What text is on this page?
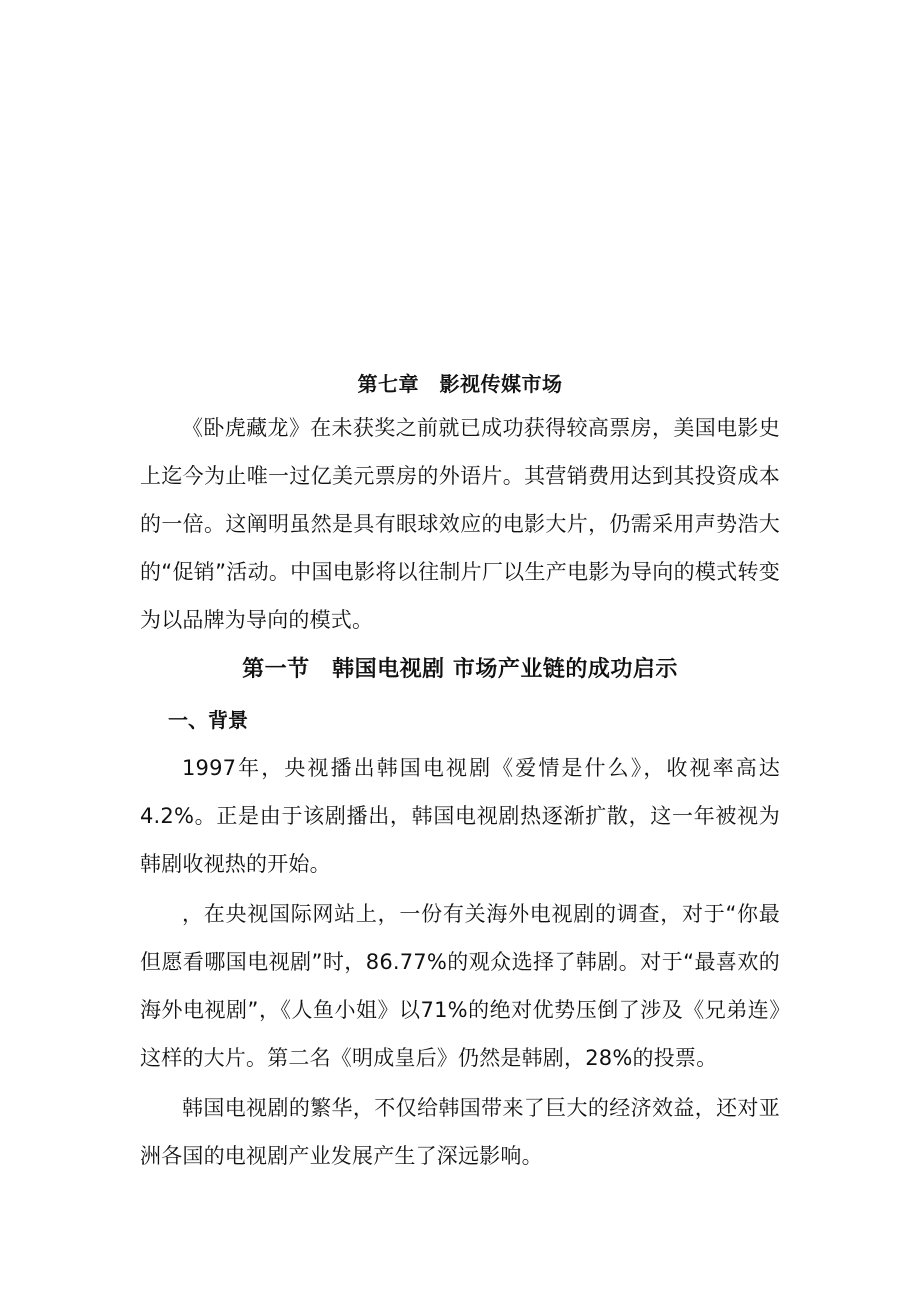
第七章　影视传媒市场

《卧虎藏龙》在未获奖之前就已成功获得较高票房，美国电影史上迄今为止唯一过亿美元票房的外语片。其营销费用达到其投资成本的一倍。这阐明虽然是具有眼球效应的电影大片，仍需采用声势浩大的“促销”活动。中国电影将以往制片厂以生产电影为导向的模式转变为以品牌为导向的模式。

第一节　韩国电视剧 市场产业链的成功启示

一、背景

1997年，央视播出韩国电视剧《爱情是什么》，收视率高达4.2%。正是由于该剧播出，韩国电视剧热逐渐扩散，这一年被视为韩剧收视热的开始。

，在央视国际网站上，一份有关海外电视剧的调查，对于“你最但愿看哪国电视剧”时，86.77%的观众选择了韩剧。对于“最喜欢的海外电视剧”，《人鱼小姐》以71%的绝对优势压倒了涉及《兄弟连》这样的大片。第二名《明成皇后》仍然是韩剧，28%的投票。

韩国电视剧的繁华，不仅给韩国带来了巨大的经济效益，还对亚洲各国的电视剧产业发展产生了深远影响。
